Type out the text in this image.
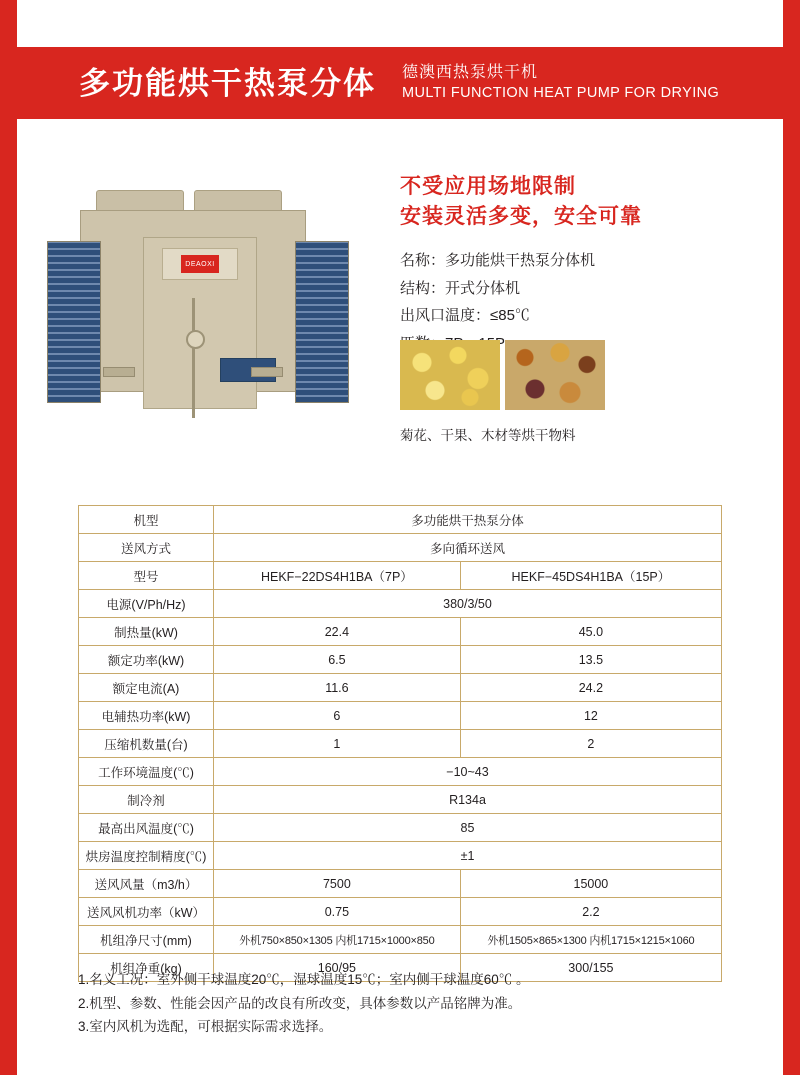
多功能烘干热泵分体 德澳西热泵烘干机
MULTI FUNCTION HEAT PUMP FOR DRYING
DEAOXI
不受应用场地限制
安装灵活多变，安全可靠
名称：多功能烘干热泵分体机
结构：开式分体机
出风口温度：≤85℃
菊花、干果、木材等烘干物料
机型	多功能烘干热泵分体	
送风方式	多向循环送风	
型号	HEKF−22DS4H1BA（7P）	HEKF−45DS4H1BA（15P）
电源(V/Ph/Hz)	380/3/50	
制热量(kW)	22.4	45.0
额定功率(kW)	6.5	13.5
额定电流(A)	11.6	24.2
电辅热功率(kW)	6	12
压缩机数量(台)	1	2
工作环境温度(℃)	−10~43	
制冷剂	R134a	
最高出风温度(℃)	85	
烘房温度控制精度(℃)	±1	
送风风量（m3/h）	7500	15000
送风风机功率（kW）	0.75	2.2
机组净尺寸(mm)	外机750×850×1305 内机1715×1000×850	外机1505×865×1300 内机1715×1215×1060
机组净重(kg)	160/95	300/155
1.名义工况：室外侧干球温度20℃，湿球温度15℃；室内侧干球温度60℃ 。
2.机型、参数、性能会因产品的改良有所改变，具体参数以产品铭牌为准。
3.室内风机为选配，可根据实际需求选择。
